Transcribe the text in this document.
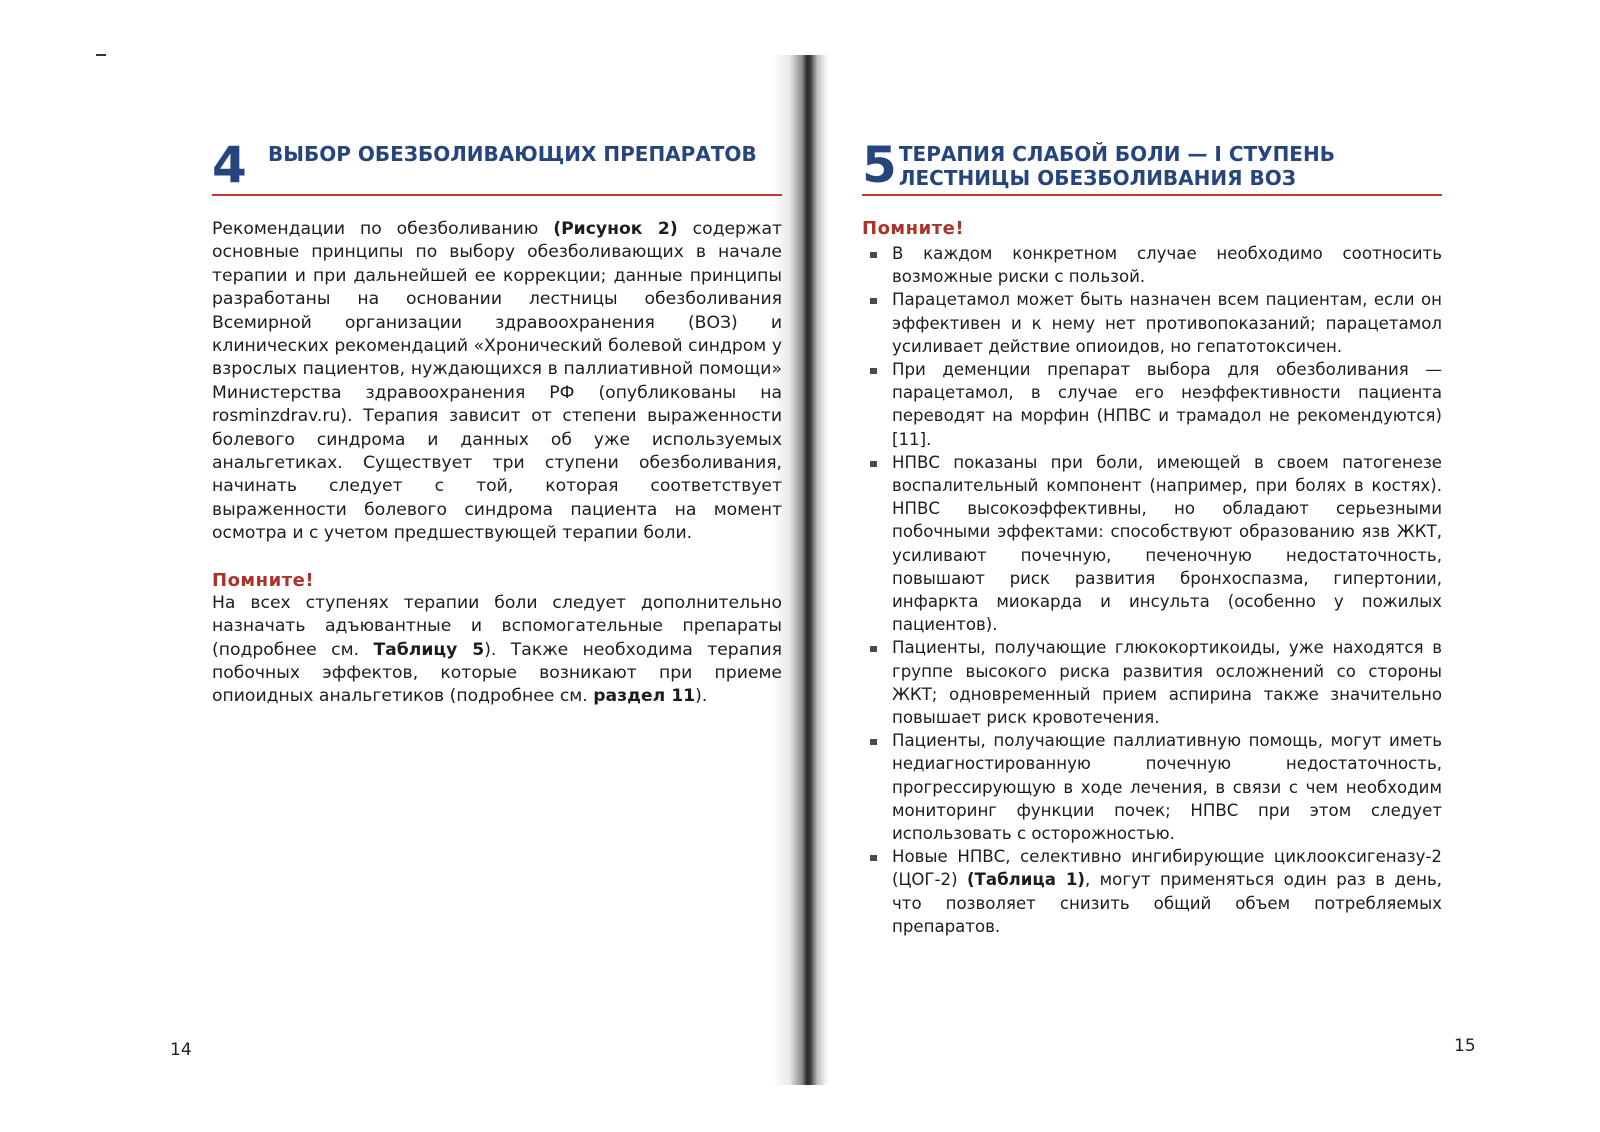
4	ВЫБОР ОБЕЗБОЛИВАЮЩИХ ПРЕПАРАТОВ

Рекомендации по обезболиванию (Рисунок 2) содержат основные принципы по выбору обезболивающих в начале терапии и при дальнейшей ее коррекции; данные принципы разработаны на основании лестницы обезболивания Всемирной организации здравоохранения (ВОЗ) и клинических рекомендаций «Хронический болевой синдром у взрослых пациентов, нуждающихся в паллиативной помощи» Министерства здравоохранения РФ (опубликованы на rosminzdrav.ru). Терапия зависит от степени выраженности болевого синдрома и данных об уже используемых анальгетиках. Существует три ступени обезболивания, начинать следует с той, которая соответствует выраженности болевого синдрома пациента на момент осмотра и с учетом предшествующей терапии боли.

Помните!

На всех ступенях терапии боли следует дополнительно назначать адъювантные и вспомогательные препараты (подробнее см. Таблицу 5). Также необходима терапия побочных эффектов, которые возникают при приеме опиоидных анальгетиков (подробнее см. раздел 11).

5 ТЕРАПИЯ СЛАБОЙ БОЛИ — I СТУПЕНЬ ЛЕСТНИЦЫ ОБЕЗБОЛИВАНИЯ ВОЗ
Помните!
В каждом конкретном случае необходимо соотносить возможные риски с пользой.
Парацетамол может быть назначен всем пациентам, если он эффективен и к нему нет противопоказаний; парацетамол усиливает действие опиоидов, но гепатотоксичен.
При деменции препарат выбора для обезболивания — парацетамол, в случае его неэффективности пациента переводят на морфин (НПВС и трамадол не рекомендуются) [11].
НПВС показаны при боли, имеющей в своем патогенезе воспалительный компонент (например, при болях в костях). НПВС высокоэффективны, но обладают серьезными побочными эффектами: способствуют образованию язв ЖКТ, усиливают почечную, печеночную недостаточность, повышают риск развития бронхоспазма, гипертонии, инфаркта миокарда и инсульта (особенно у пожилых пациентов).
Пациенты, получающие глюкокортикоиды, уже находятся в группе высокого риска развития осложнений со стороны ЖКТ; одновременный прием аспирина также значительно повышает риск кровотечения.
Пациенты, получающие паллиативную помощь, могут иметь недиагностированную почечную недостаточность, прогрессирующую в ходе лечения, в связи с чем необходим мониторинг функции почек; НПВС при этом следует использовать с осторожностью.
Новые НПВС, селективно ингибирующие циклооксигеназу-2 (ЦОГ-2) (Таблица 1), могут применяться один раз в день, что позволяет снизить общий объем потребляемых препаратов.
14	15
